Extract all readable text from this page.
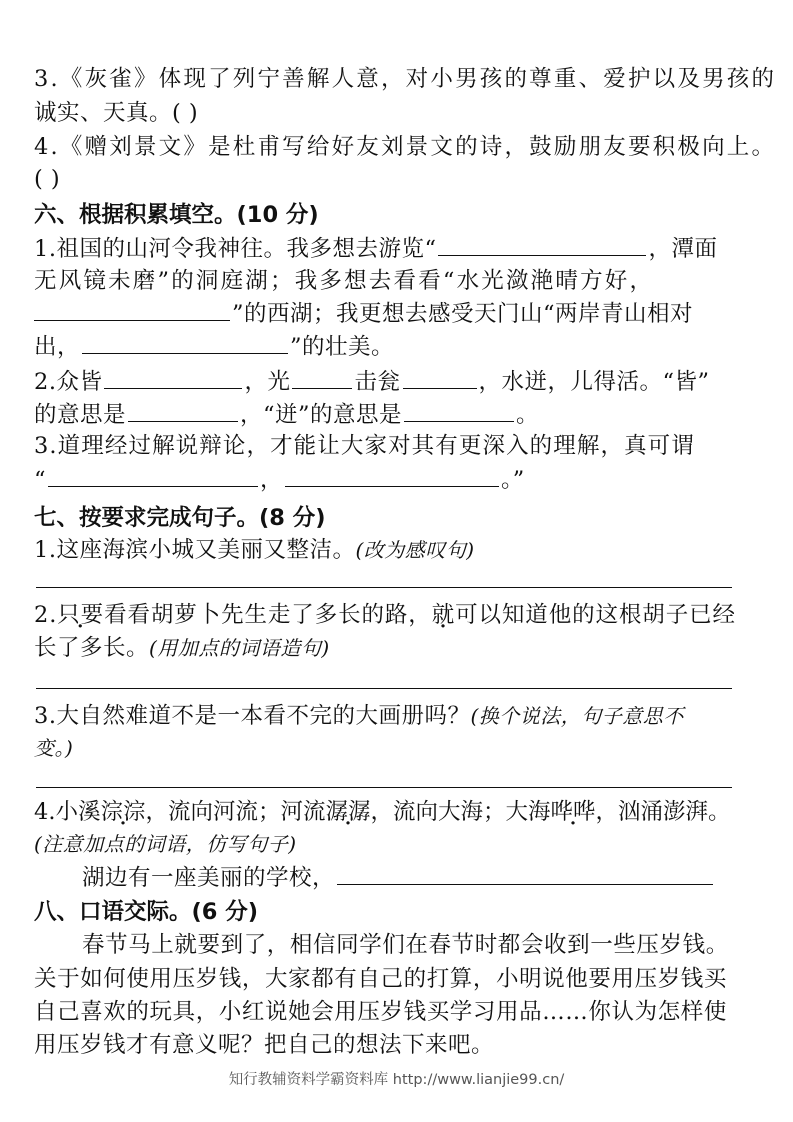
3.《灰雀》体现了列宁善解人意，对小男孩的尊重、爱护以及男孩的
诚实、天真。( )
4.《赠刘景文》是杜甫写给好友刘景文的诗，鼓励朋友要积极向上。
( )
六、根据积累填空。(10 分)
1.祖国的山河令我神往。我多想去游览“	，潭面
无风镜未磨”的洞庭湖；我多想去看看“水光潋滟晴方好，
”的西湖；我更想去感受天门山“两岸青山相对
出，	”的壮美。
2.众皆	，光	击瓮	，水迸，儿得活。“皆”
的意思是	，“迸”的意思是	。
3.道理经过解说辩论，才能让大家对其有更深入的理解，真可谓
“	，	。”
七、按要求完成句子。(8 分)
1.这座海滨小城又美丽又整洁。(改为感叹句)
2.只要看看胡萝卜先生走了多长的路，就可以知道他的这根胡子已经
长了多长。(用加点的词语造句)
3.大自然难道不是一本看不完的大画册吗？(换个说法，句子意思不
变。)
4.小溪淙淙，流向河流；河流潺潺，流向大海；大海哗哗，汹涌澎湃。
(注意加点的词语，仿写句子)
湖边有一座美丽的学校，
八、口语交际。(6 分)
春节马上就要到了，相信同学们在春节时都会收到一些压岁钱。
关于如何使用压岁钱，大家都有自己的打算，小明说他要用压岁钱买
自己喜欢的玩具，小红说她会用压岁钱买学习用品……你认为怎样使
用压岁钱才有意义呢？把自己的想法下来吧。
知行教辅资料学霸资料库 http://www.lianjie99.cn/
